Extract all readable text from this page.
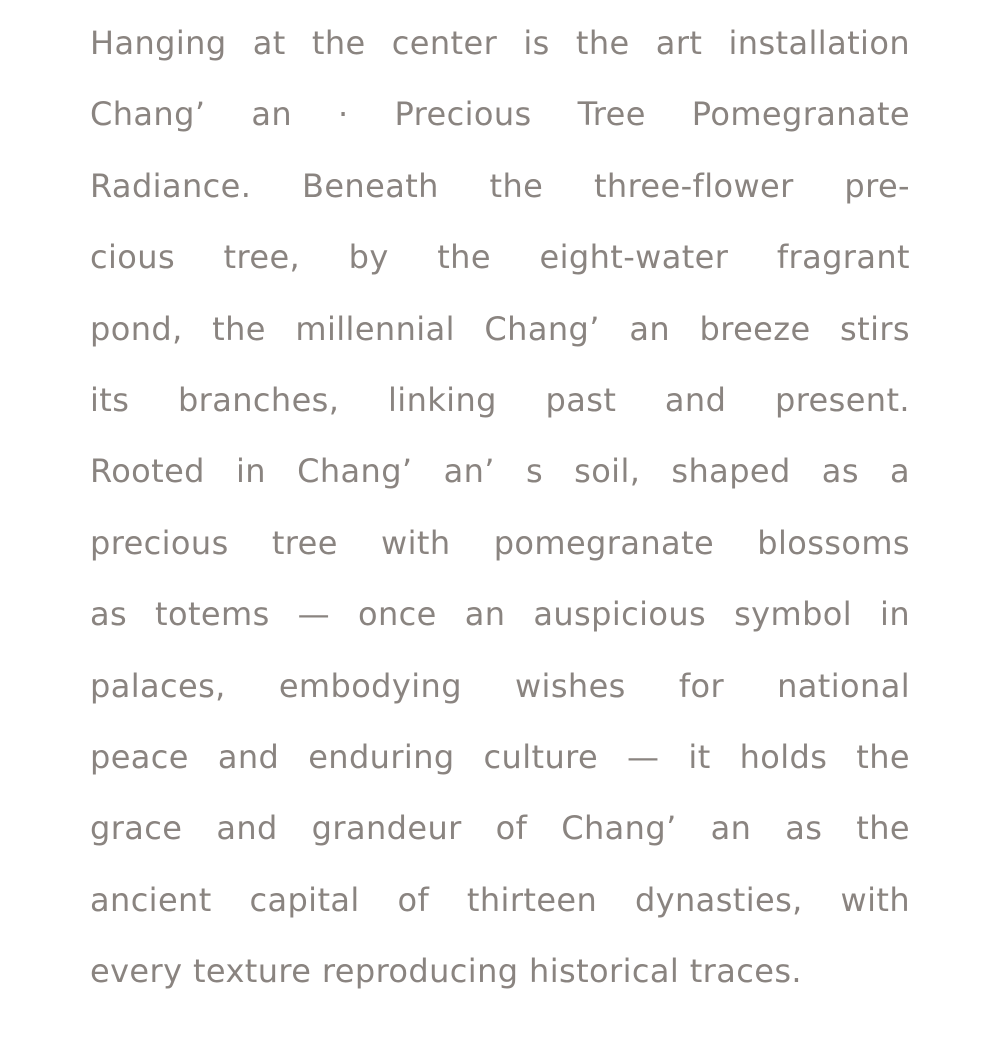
Hanging at the center is the art installation
Chang’ an · Precious Tree Pomegranate
Radiance. Beneath the three-flower pre-
cious tree, by the eight-water fragrant
pond, the millennial Chang’ an breeze stirs
its branches, linking past and present.
Rooted in Chang’ an’ s soil, shaped as a
precious tree with pomegranate blossoms
as totems — once an auspicious symbol in
palaces, embodying wishes for national
peace and enduring culture — it holds the
grace and grandeur of Chang’ an as the
ancient capital of thirteen dynasties, with
every texture reproducing historical traces.
